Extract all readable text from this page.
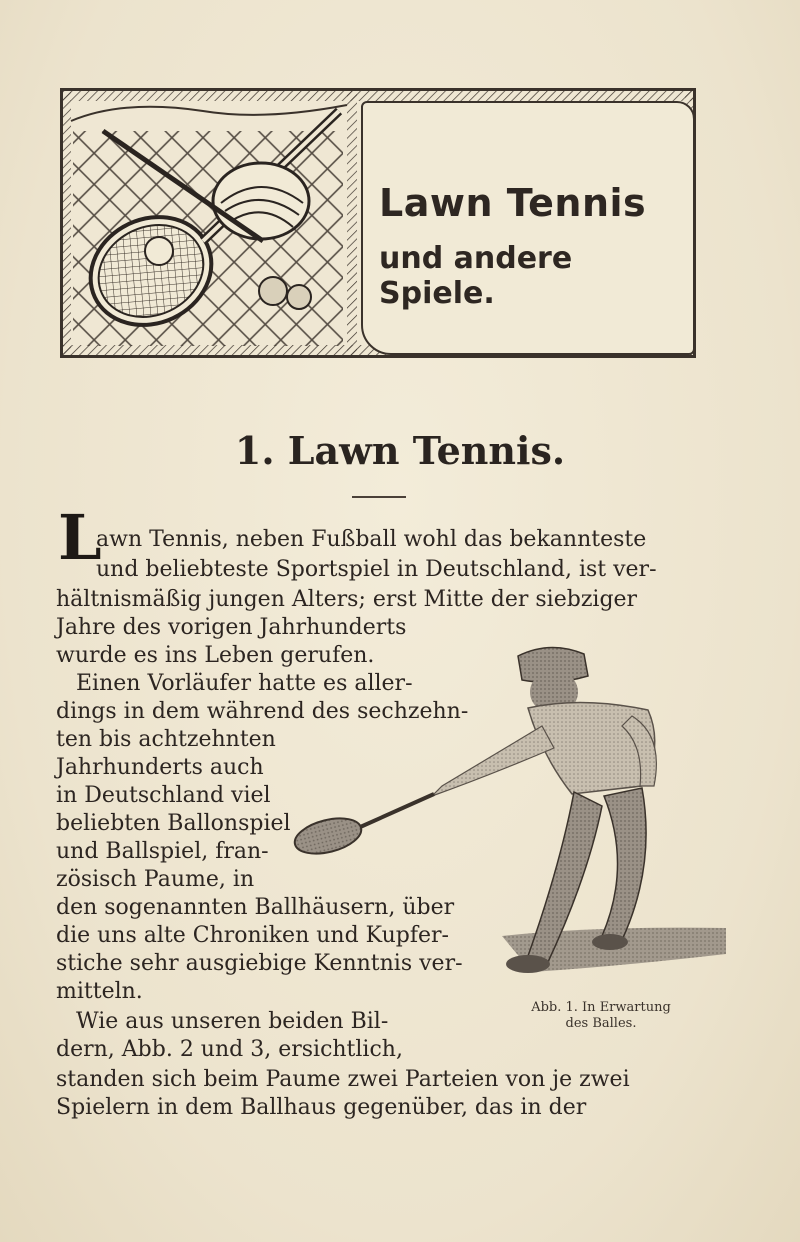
Lawn Tennis
und andere Spiele.
1. Lawn Tennis.
L
awn Tennis, neben Fußball wohl das bekannteste
und beliebteste Sportspiel in Deutschland, ist ver-
hältnismäßig jungen Alters; erst Mitte der siebziger
Jahre des vorigen Jahrhunderts
wurde es ins Leben gerufen.
Einen Vorläufer hatte es aller-
dings in dem während des sechzehn-
ten bis achtzehnten
Jahrhunderts auch
in Deutschland viel
beliebten Ballonspiel
und Ballspiel, fran-
zösisch Paume, in
den sogenannten Ballhäusern, über
die uns alte Chroniken und Kupfer-
stiche sehr ausgiebige Kenntnis ver-
mitteln.
Wie aus unseren beiden Bil-
dern, Abb. 2 und 3, ersichtlich,
standen sich beim Paume zwei Parteien von je zwei
Spielern in dem Ballhaus gegenüber, das in der
Abb. 1. In Erwartung
des Balles.
